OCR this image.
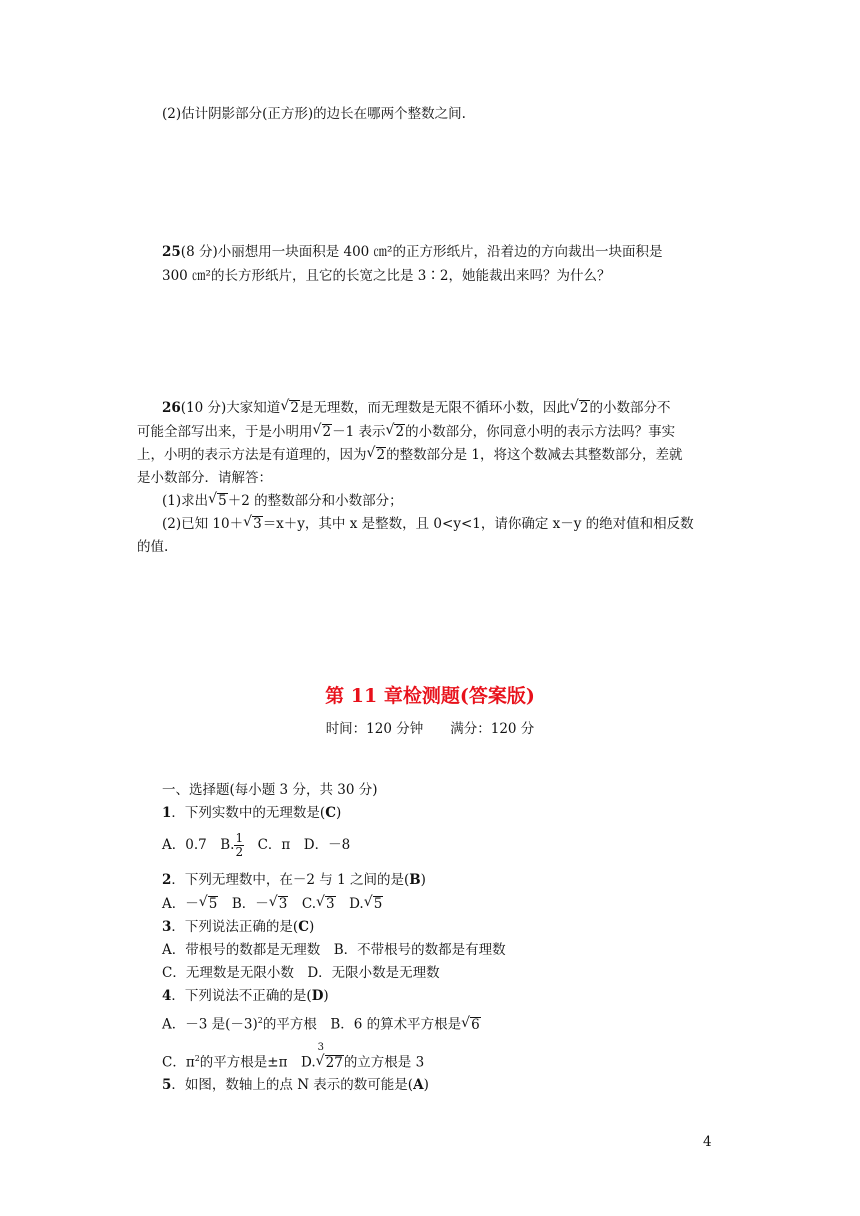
(2)估计阴影部分(正方形)的边长在哪两个整数之间.
25(8 分)小丽想用一块面积是 400 ㎝²的正方形纸片，沿着边的方向裁出一块面积是
300 ㎝²的长方形纸片，且它的长宽之比是 3∶2，她能裁出来吗？为什么？
26(10 分)大家知道 √ 2是无理数，而无理数是无限不循环小数，因此 √ 2的小数部分不
可能全部写出来，于是小明用 √ 2－1 表示 √ 2的小数部分，你同意小明的表示方法吗？事实
上，小明的表示方法是有道理的，因为 √ 2的整数部分是 1，将这个数减去其整数部分，差就
是小数部分．请解答：
(1)求出 √ 5＋2 的整数部分和小数部分；
(2)已知 10＋ √ 3＝x＋y，其中 x 是整数，且 0<y<1，请你确定 x－y 的绝对值和相反数
的值.
第 11 章检测题(答案版)
时间：120 分钟　　满分：120 分
一、选择题(每小题 3 分，共 30 分)
1．下列实数中的无理数是(C)
A．0.7　B. $\frac{1}{2}$ 　C．π　D．－8
2．下列无理数中，在－2 与 1 之间的是(B)
A．－ √ 5　B．－ √ 3　C. √ 3　D. √ 5
3．下列说法正确的是(C)
A．带根号的数都是无理数　B．不带根号的数都是有理数
C．无理数是无限小数　D．无限小数是无理数
4．下列说法不正确的是(D)
A．－3 是$(-3)^2$的平方根　B．6 的算术平方根是 √ 6
C．$\pi^2$的平方根是±π　D.
3
√ 27的立方根是 3
5．如图，数轴上的点 N 表示的数可能是(A)
4
